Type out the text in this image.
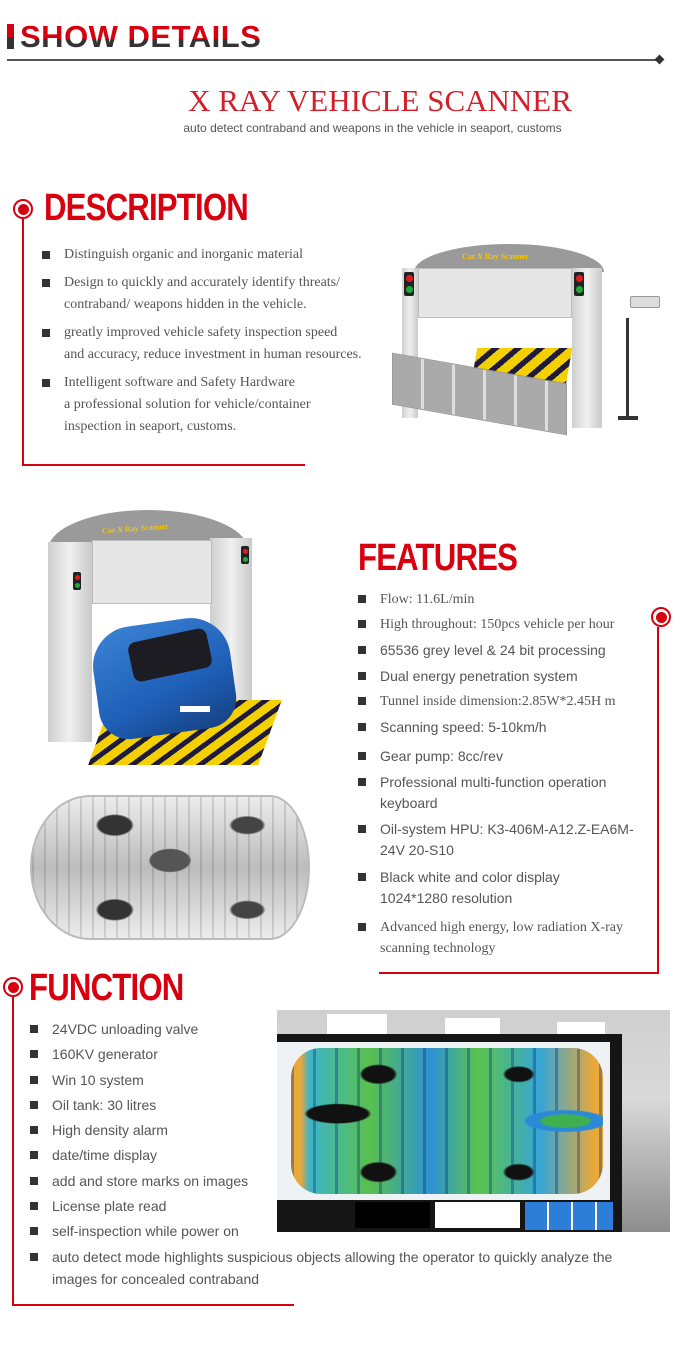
SHOW DETAILS
X RAY VEHICLE SCANNER
auto detect contraband and weapons in the vehicle in seaport, customs
DESCRIPTION
Distinguish organic and inorganic material
Design to quickly and accurately identify threats/
contraband/ weapons hidden in the vehicle.
greatly improved vehicle safety inspection speed
and accuracy, reduce investment in human resources.
Intelligent software and Safety Hardware
a professional solution for vehicle/container
inspection in seaport, customs.
Car X Ray Scanner
FEATURES
Flow: 11.6L/min
High throughout: 150pcs vehicle per hour
65536 grey level & 24 bit processing
Dual energy penetration system
Tunnel inside dimension:2.85W*2.45H m
Scanning speed: 5-10km/h
Gear pump: 8cc/rev
Professional multi-function operation keyboard
Oil-system HPU: K3-406M-A12.Z-EA6M-24V 20-S10
Black white and color display 1024*1280 resolution
Advanced high energy, low radiation X-ray scanning technology
Car X Ray Scanner
FUNCTION
24VDC unloading valve
160KV generator
Win 10 system
Oil tank: 30 litres
High density alarm
date/time display
add and store marks on images
License plate read
self-inspection while power on
auto detect mode highlights suspicious objects allowing the operator to quickly analyze the images for concealed contraband
